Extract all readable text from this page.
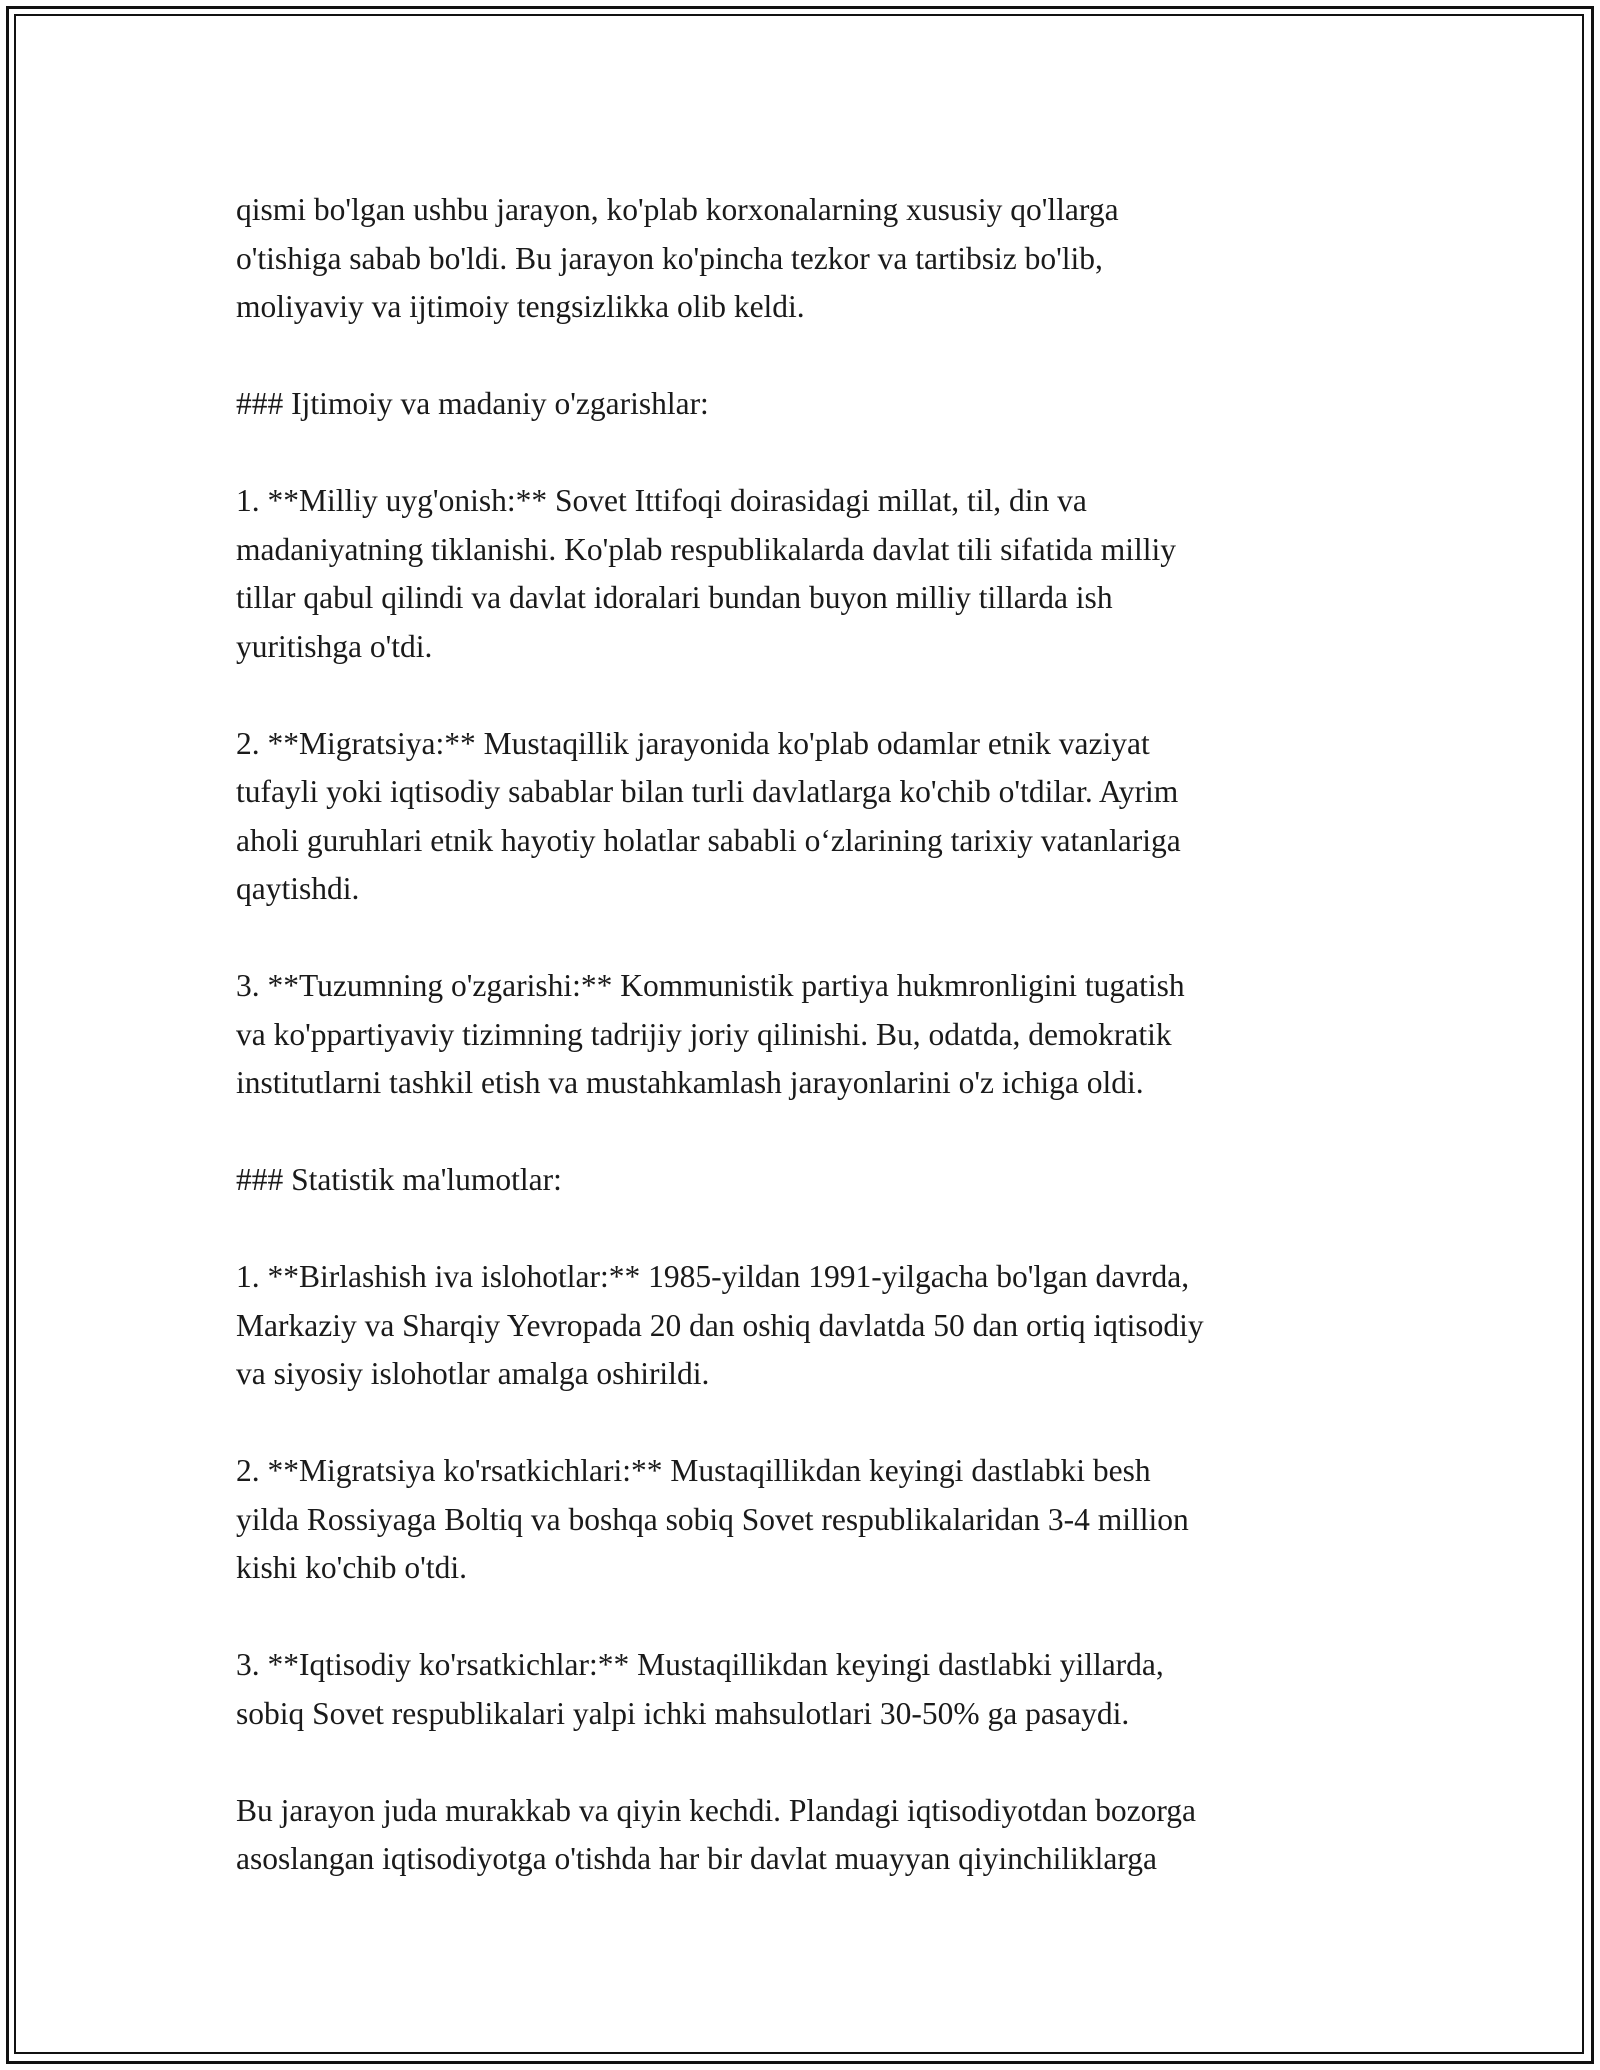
qismi bo'lgan ushbu jarayon, ko'plab korxonalarning xususiy qo'llarga
o'tishiga sabab bo'ldi. Bu jarayon ko'pincha tezkor va tartibsiz bo'lib,
moliyaviy va ijtimoiy tengsizlikka olib keldi.

### Ijtimoiy va madaniy o'zgarishlar:

1. **Milliy uyg'onish:** Sovet Ittifoqi doirasidagi millat, til, din va
madaniyatning tiklanishi. Ko'plab respublikalarda davlat tili sifatida milliy
tillar qabul qilindi va davlat idoralari bundan buyon milliy tillarda ish
yuritishga o'tdi.

2. **Migratsiya:** Mustaqillik jarayonida ko'plab odamlar etnik vaziyat
tufayli yoki iqtisodiy sabablar bilan turli davlatlarga ko'chib o'tdilar. Ayrim
aholi guruhlari etnik hayotiy holatlar sababli o‘zlarining tarixiy vatanlariga
qaytishdi.

3. **Tuzumning o'zgarishi:** Kommunistik partiya hukmronligini tugatish
va ko'ppartiyaviy tizimning tadrijiy joriy qilinishi. Bu, odatda, demokratik
institutlarni tashkil etish va mustahkamlash jarayonlarini o'z ichiga oldi.

### Statistik ma'lumotlar:

1. **Birlashish iva islohotlar:** 1985-yildan 1991-yilgacha bo'lgan davrda,
Markaziy va Sharqiy Yevropada 20 dan oshiq davlatda 50 dan ortiq iqtisodiy
va siyosiy islohotlar amalga oshirildi.

2. **Migratsiya ko'rsatkichlari:** Mustaqillikdan keyingi dastlabki besh
yilda Rossiyaga Boltiq va boshqa sobiq Sovet respublikalaridan 3-4 million
kishi ko'chib o'tdi.

3. **Iqtisodiy ko'rsatkichlar:** Mustaqillikdan keyingi dastlabki yillarda,
sobiq Sovet respublikalari yalpi ichki mahsulotlari 30-50% ga pasaydi.

Bu jarayon juda murakkab va qiyin kechdi. Plandagi iqtisodiyotdan bozorga
asoslangan iqtisodiyotga o'tishda har bir davlat muayyan qiyinchiliklarga
